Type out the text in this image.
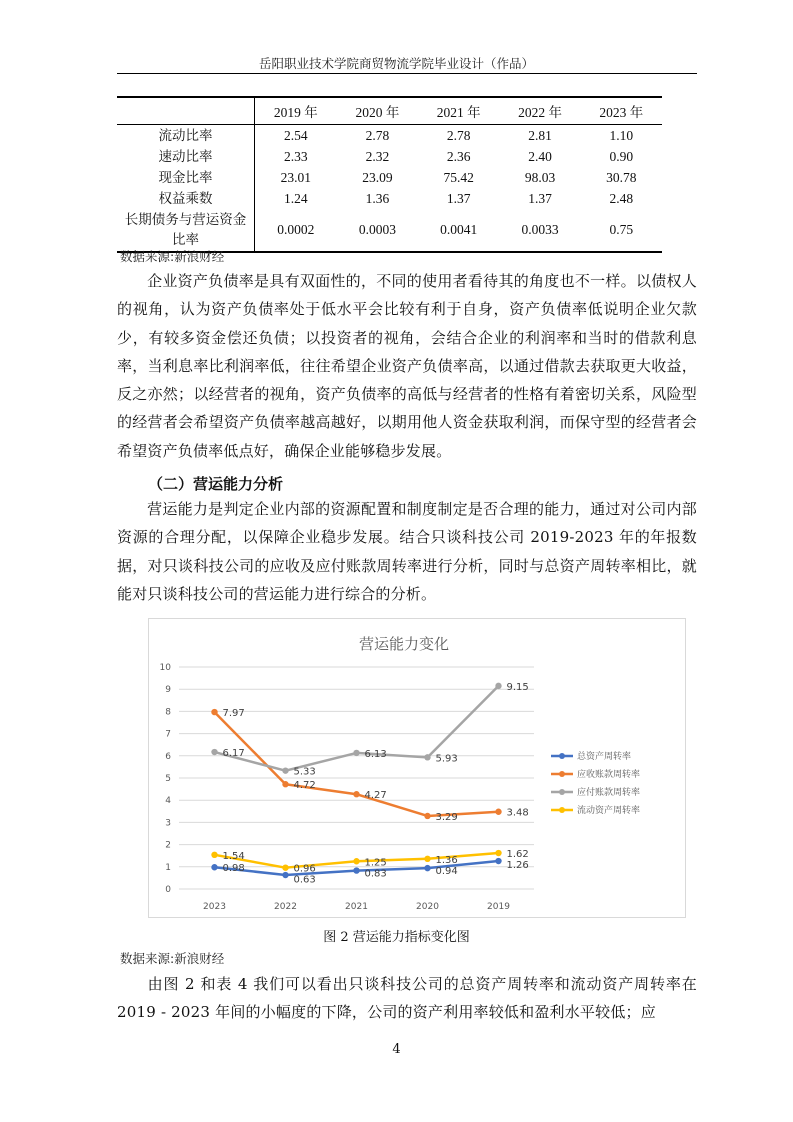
岳阳职业技术学院商贸物流学院毕业设计（作品）
	2019 年	2020 年	2021 年	2022 年	2023 年
流动比率	2.54	2.78	2.78	2.81	1.10
速动比率	2.33	2.32	2.36	2.40	0.90
现金比率	23.01	23.09	75.42	98.03	30.78
权益乘数	1.24	1.36	1.37	1.37	2.48
长期债务与营运资金
比率	0.0002	0.0003	0.0041	0.0033	0.75
数据来源:新浪财经
企业资产负债率是具有双面性的，不同的使用者看待其的角度也不一样。以债权人的视角，认为资产负债率处于低水平会比较有利于自身，资产负债率低说明企业欠款少，有较多资金偿还负债；以投资者的视角，会结合企业的利润率和当时的借款利息率，当利息率比利润率低，往往希望企业资产负债率高，以通过借款去获取更大收益，反之亦然；以经营者的视角，资产负债率的高低与经营者的性格有着密切关系，风险型的经营者会希望资产负债率越高越好，以期用他人资金获取利润，而保守型的经营者会希望资产负债率低点好，确保企业能够稳步发展。
（二）营运能力分析
营运能力是判定企业内部的资源配置和制度制定是否合理的能力，通过对公司内部资源的合理分配，以保障企业稳步发展。结合只谈科技公司 2019-2023 年的年报数据，对只谈科技公司的应收及应付账款周转率进行分析，同时与总资产周转率相比，就能对只谈科技公司的营运能力进行综合的分析。
营运能力变化
0
1
2
3
4
5
6
7
8
9
10
2023	2022	2021	2020	2019
7.97
6.17
1.54
0.98
5.33
4.72
0.96
0.63
6.13
4.27
1.25
0.83
5.93
3.29
1.36
0.94
9.15
3.48
1.62
1.26
总资产周转率
应收账款周转率
应付账款周转率
流动资产周转率
图 2 营运能力指标变化图
数据来源:新浪财经
由图 2 和表 4 我们可以看出只谈科技公司的总资产周转率和流动资产周转率在 2019 - 2023 年间的小幅度的下降，公司的资产利用率较低和盈利水平较低；应
4
